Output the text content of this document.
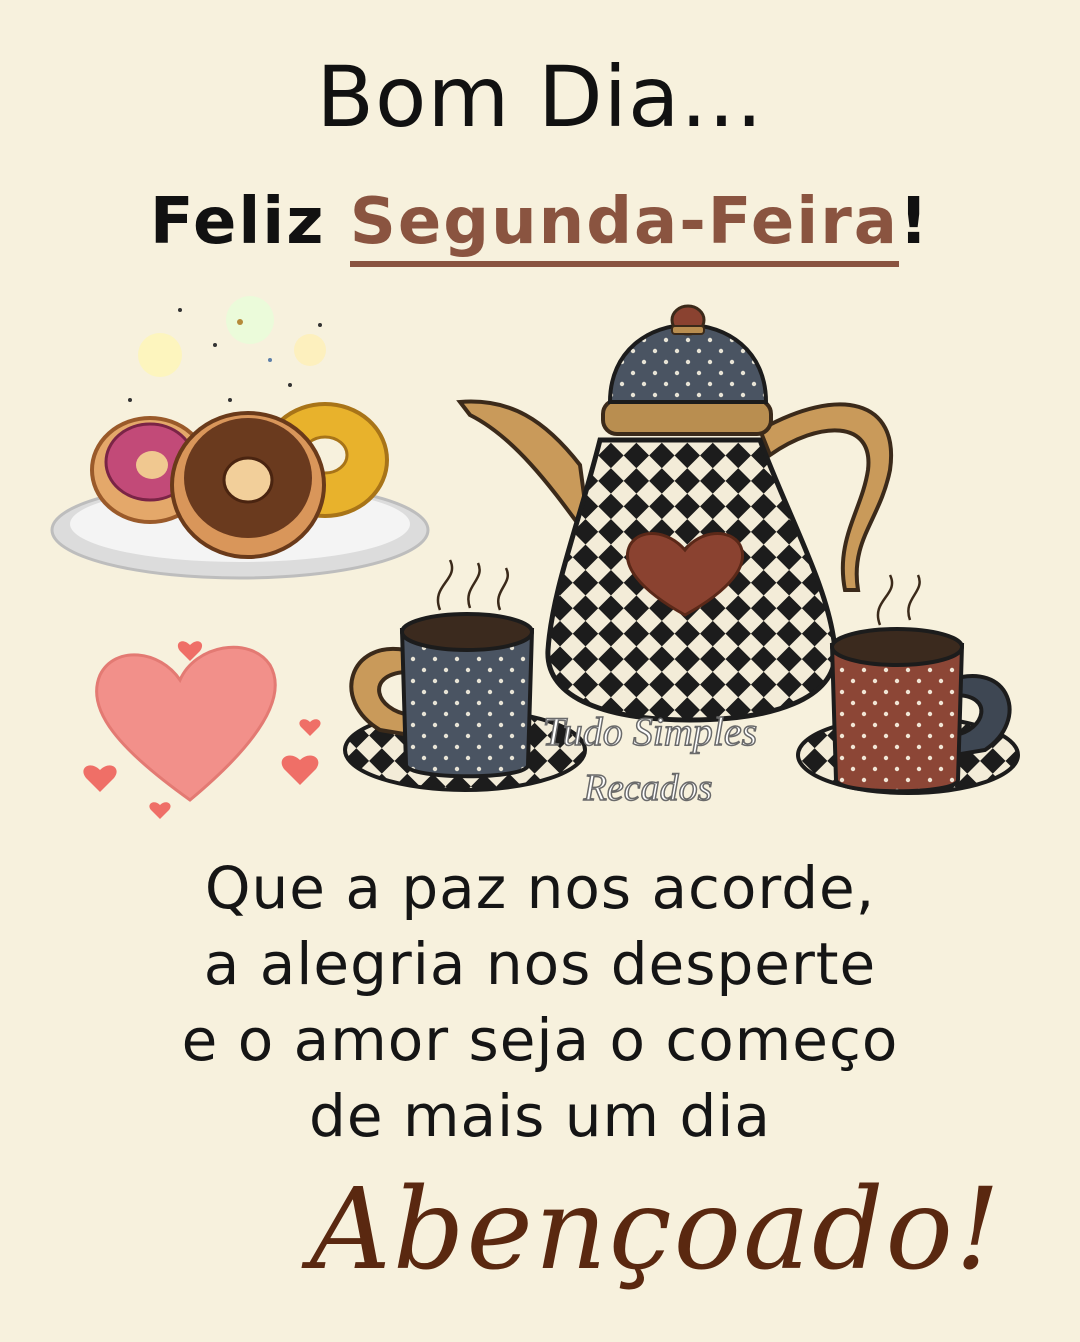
Bom Dia...
Feliz Segunda-Feira!
Tudo Simples
Recados
Que a paz nos acorde,
a alegria nos desperte
e o amor seja o começo
de mais um dia
Abençoado!
